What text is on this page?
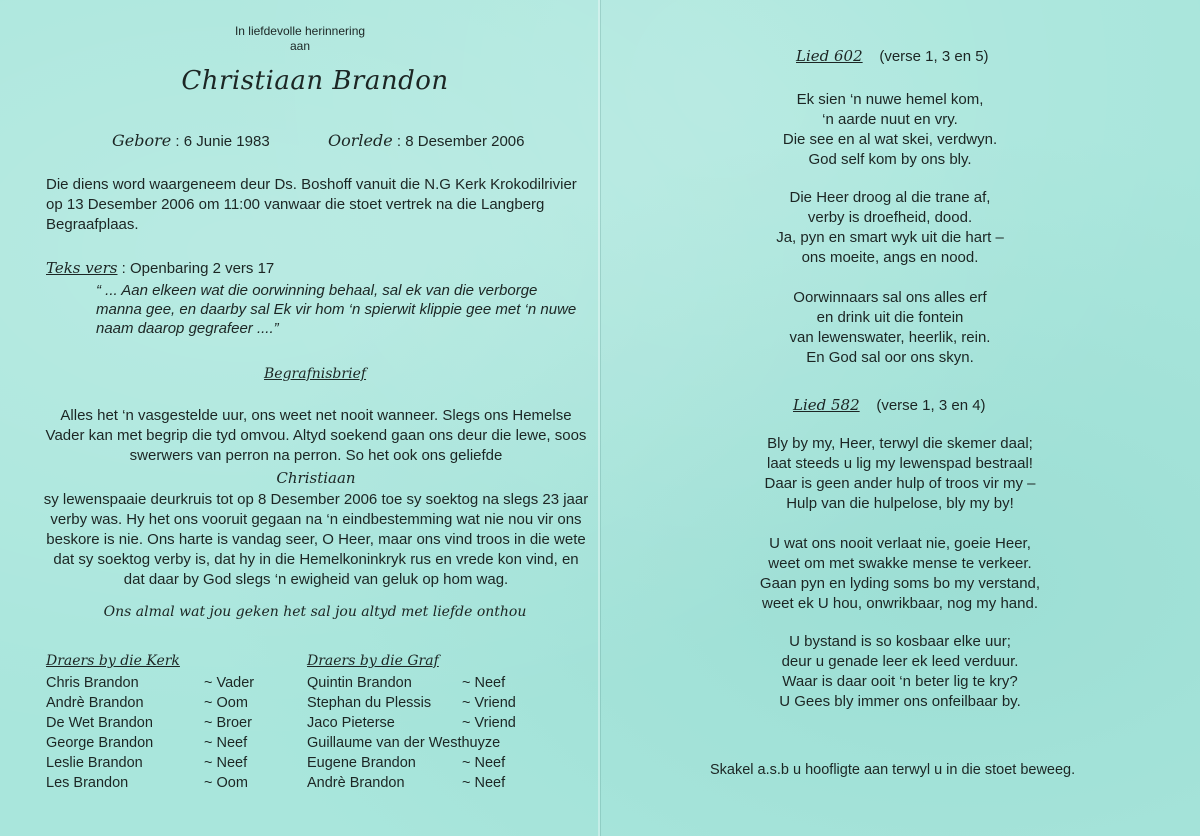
In liefdevolle herinnering
aan
Christiaan Brandon
Gebore : 6 Junie 1983	Oorlede : 8 Desember 2006
Die diens word waargeneem deur Ds. Boshoff vanuit die N.G Kerk Krokodilrivier op 13 Desember 2006 om 11:00 vanwaar die stoet vertrek na die Langberg Begraafplaas.
Teks vers : Openbaring 2 vers 17
“ ... Aan elkeen wat die oorwinning behaal, sal ek van die verborge manna gee, en daarby sal Ek vir hom ‘n spierwit klippie gee met ‘n nuwe naam daarop gegrafeer ....”
Begrafnisbrief

Alles het ‘n vasgestelde uur, ons weet net nooit wanneer. Slegs ons Hemelse Vader kan met begrip die tyd omvou. Altyd soekend gaan ons deur die lewe, soos swerwers van perron na perron. So het ook ons geliefde

Christiaan

sy lewenspaaie deurkruis tot op 8 Desember 2006 toe sy soektog na slegs 23 jaar verby was. Hy het ons vooruit gegaan na ‘n eindbestemming wat nie nou vir ons beskore is nie. Ons harte is vandag seer, O Heer, maar ons vind troos in die wete dat sy soektog verby is, dat hy in die Hemelkoninkryk rus en vrede kon vind, en dat daar by God slegs ‘n ewigheid van geluk op hom wag.

Ons almal wat jou geken het sal jou altyd met liefde onthou
Draers by die Kerk
Chris Brandon	~ Vader
Andrè Brandon	~ Oom
De Wet Brandon	~ Broer
George Brandon	~ Neef
Leslie Brandon	~ Neef
Les Brandon	~ Oom
Draers by die Graf
Quintin Brandon	~ Neef
Stephan du Plessis ~ Vriend
Jaco Pieterse	~ Vriend
Guillaume van der Westhuyze
Eugene Brandon	~ Neef
Andrè Brandon	~ Neef
Lied 602 (verse 1, 3 en 5)
Ek sien ‘n nuwe hemel kom,
‘n aarde nuut en vry.
Die see en al wat skei, verdwyn.
God self kom by ons bly.
Die Heer droog al die trane af,
verby is droefheid, dood.
Ja, pyn en smart wyk uit die hart –
ons moeite, angs en nood.
Oorwinnaars sal ons alles erf
en drink uit die fontein
van lewenswater, heerlik, rein.
En God sal oor ons skyn.
Lied 582 (verse 1, 3 en 4)
Bly by my, Heer, terwyl die skemer daal;
laat steeds u lig my lewenspad bestraal!
Daar is geen ander hulp of troos vir my –
Hulp van die hulpelose, bly my by!
U wat ons nooit verlaat nie, goeie Heer,
weet om met swakke mense te verkeer.
Gaan pyn en lyding soms bo my verstand,
weet ek U hou, onwrikbaar, nog my hand.
U bystand is so kosbaar elke uur;
deur u genade leer ek leed verduur.
Waar is daar ooit ‘n beter lig te kry?
U Gees bly immer ons onfeilbaar by.
Skakel a.s.b u hoofligte aan terwyl u in die stoet beweeg.
